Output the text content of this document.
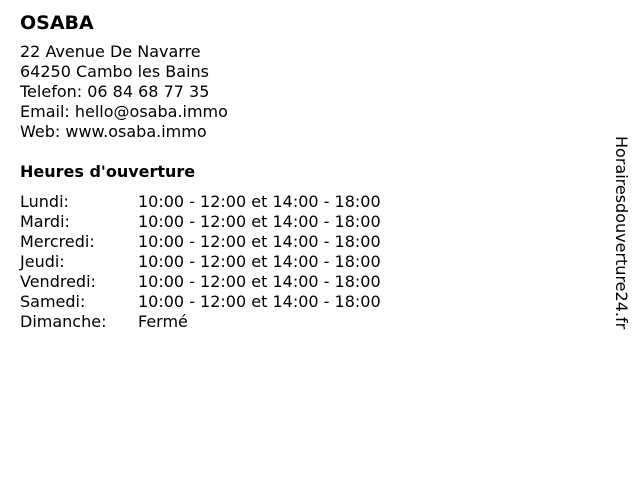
OSABA
22 Avenue De Navarre
64250 Cambo les Bains
Telefon: 06 84 68 77 35
Email: hello@osaba.immo
Web: www.osaba.immo
Heures d'ouverture
Lundi:	10:00 - 12:00 et 14:00 - 18:00
Mardi:	10:00 - 12:00 et 14:00 - 18:00
Mercredi:	10:00 - 12:00 et 14:00 - 18:00
Jeudi:	10:00 - 12:00 et 14:00 - 18:00
Vendredi:	10:00 - 12:00 et 14:00 - 18:00
Samedi:	10:00 - 12:00 et 14:00 - 18:00
Dimanche:	Fermé	Horairesdouverture24.fr
